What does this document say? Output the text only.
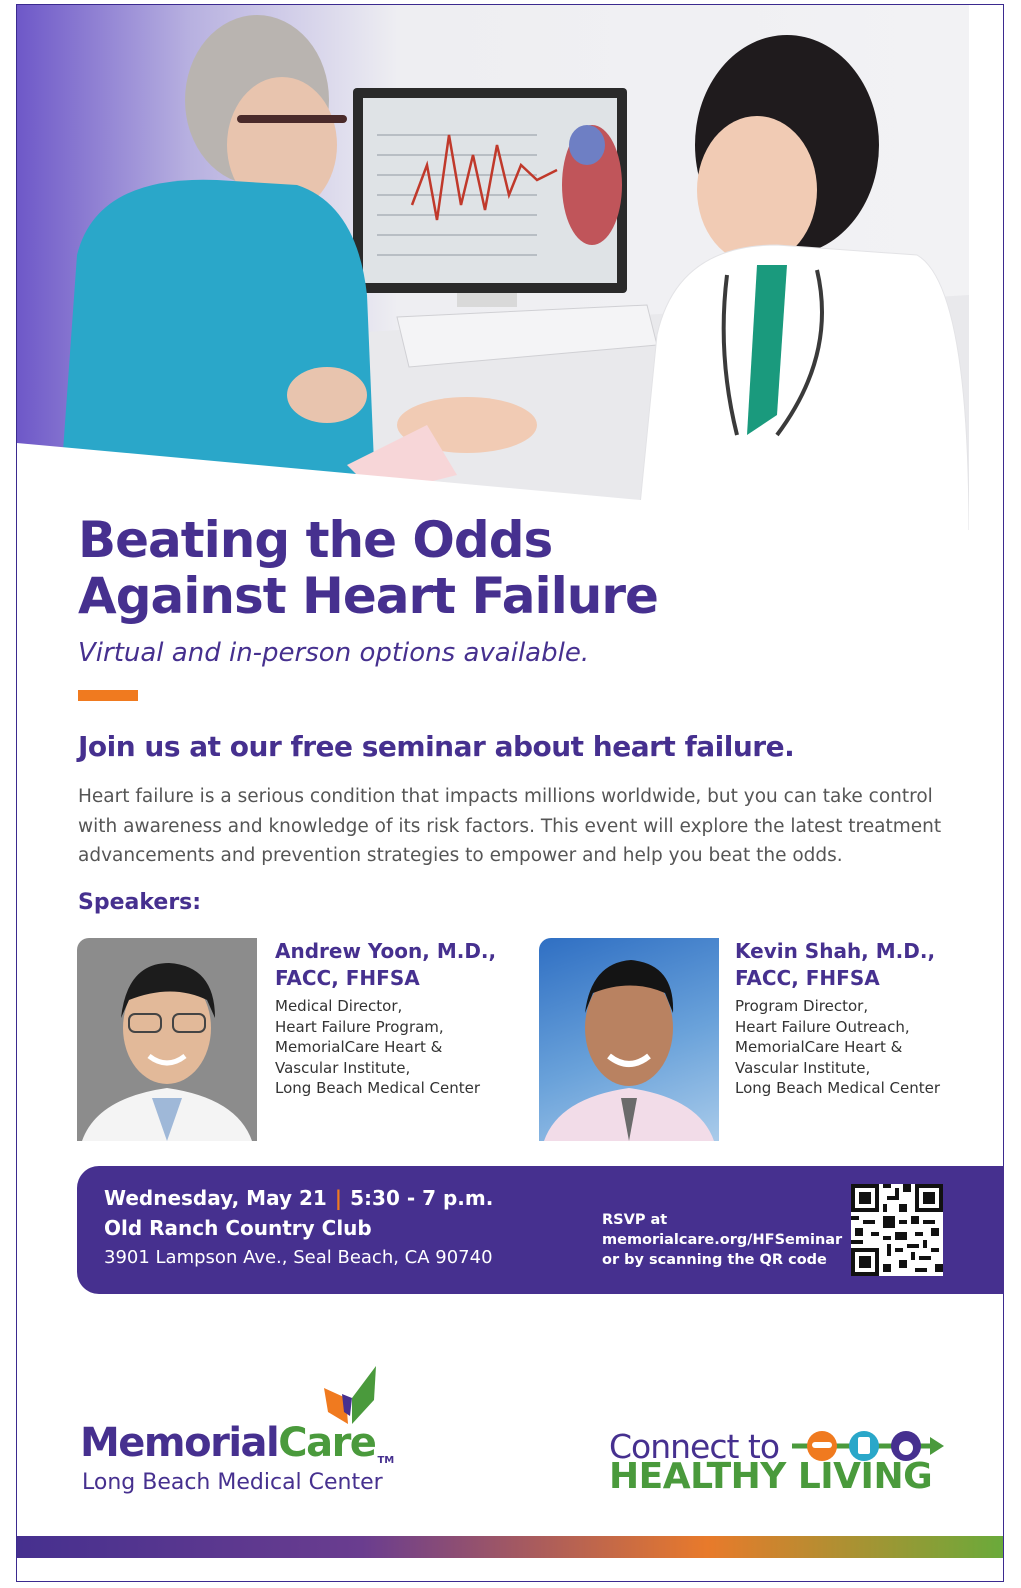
Beating the Odds
Against Heart Failure
Virtual and in-person options available.
Join us at our free seminar about heart failure.
Heart failure is a serious condition that impacts millions worldwide, but you can take control with awareness and knowledge of its risk factors. This event will explore the latest treatment advancements and prevention strategies to empower and help you beat the odds.
Speakers:
Andrew Yoon, M.D.,
FACC, FHFSA
Medical Director,
Heart Failure Program,
MemorialCare Heart &
Vascular Institute,
Long Beach Medical Center
Kevin Shah, M.D.,
FACC, FHFSA
Program Director,
Heart Failure Outreach,
MemorialCare Heart &
Vascular Institute,
Long Beach Medical Center
Wednesday, May 21 | 5:30 - 7 p.m.
Old Ranch Country Club
3901 Lampson Ave., Seal Beach, CA 90740
RSVP at
memorialcare.org/HFSeminar
or by scanning the QR code
MemorialCare TM
Long Beach Medical Center
Connect to
HEALTHY LIVING
